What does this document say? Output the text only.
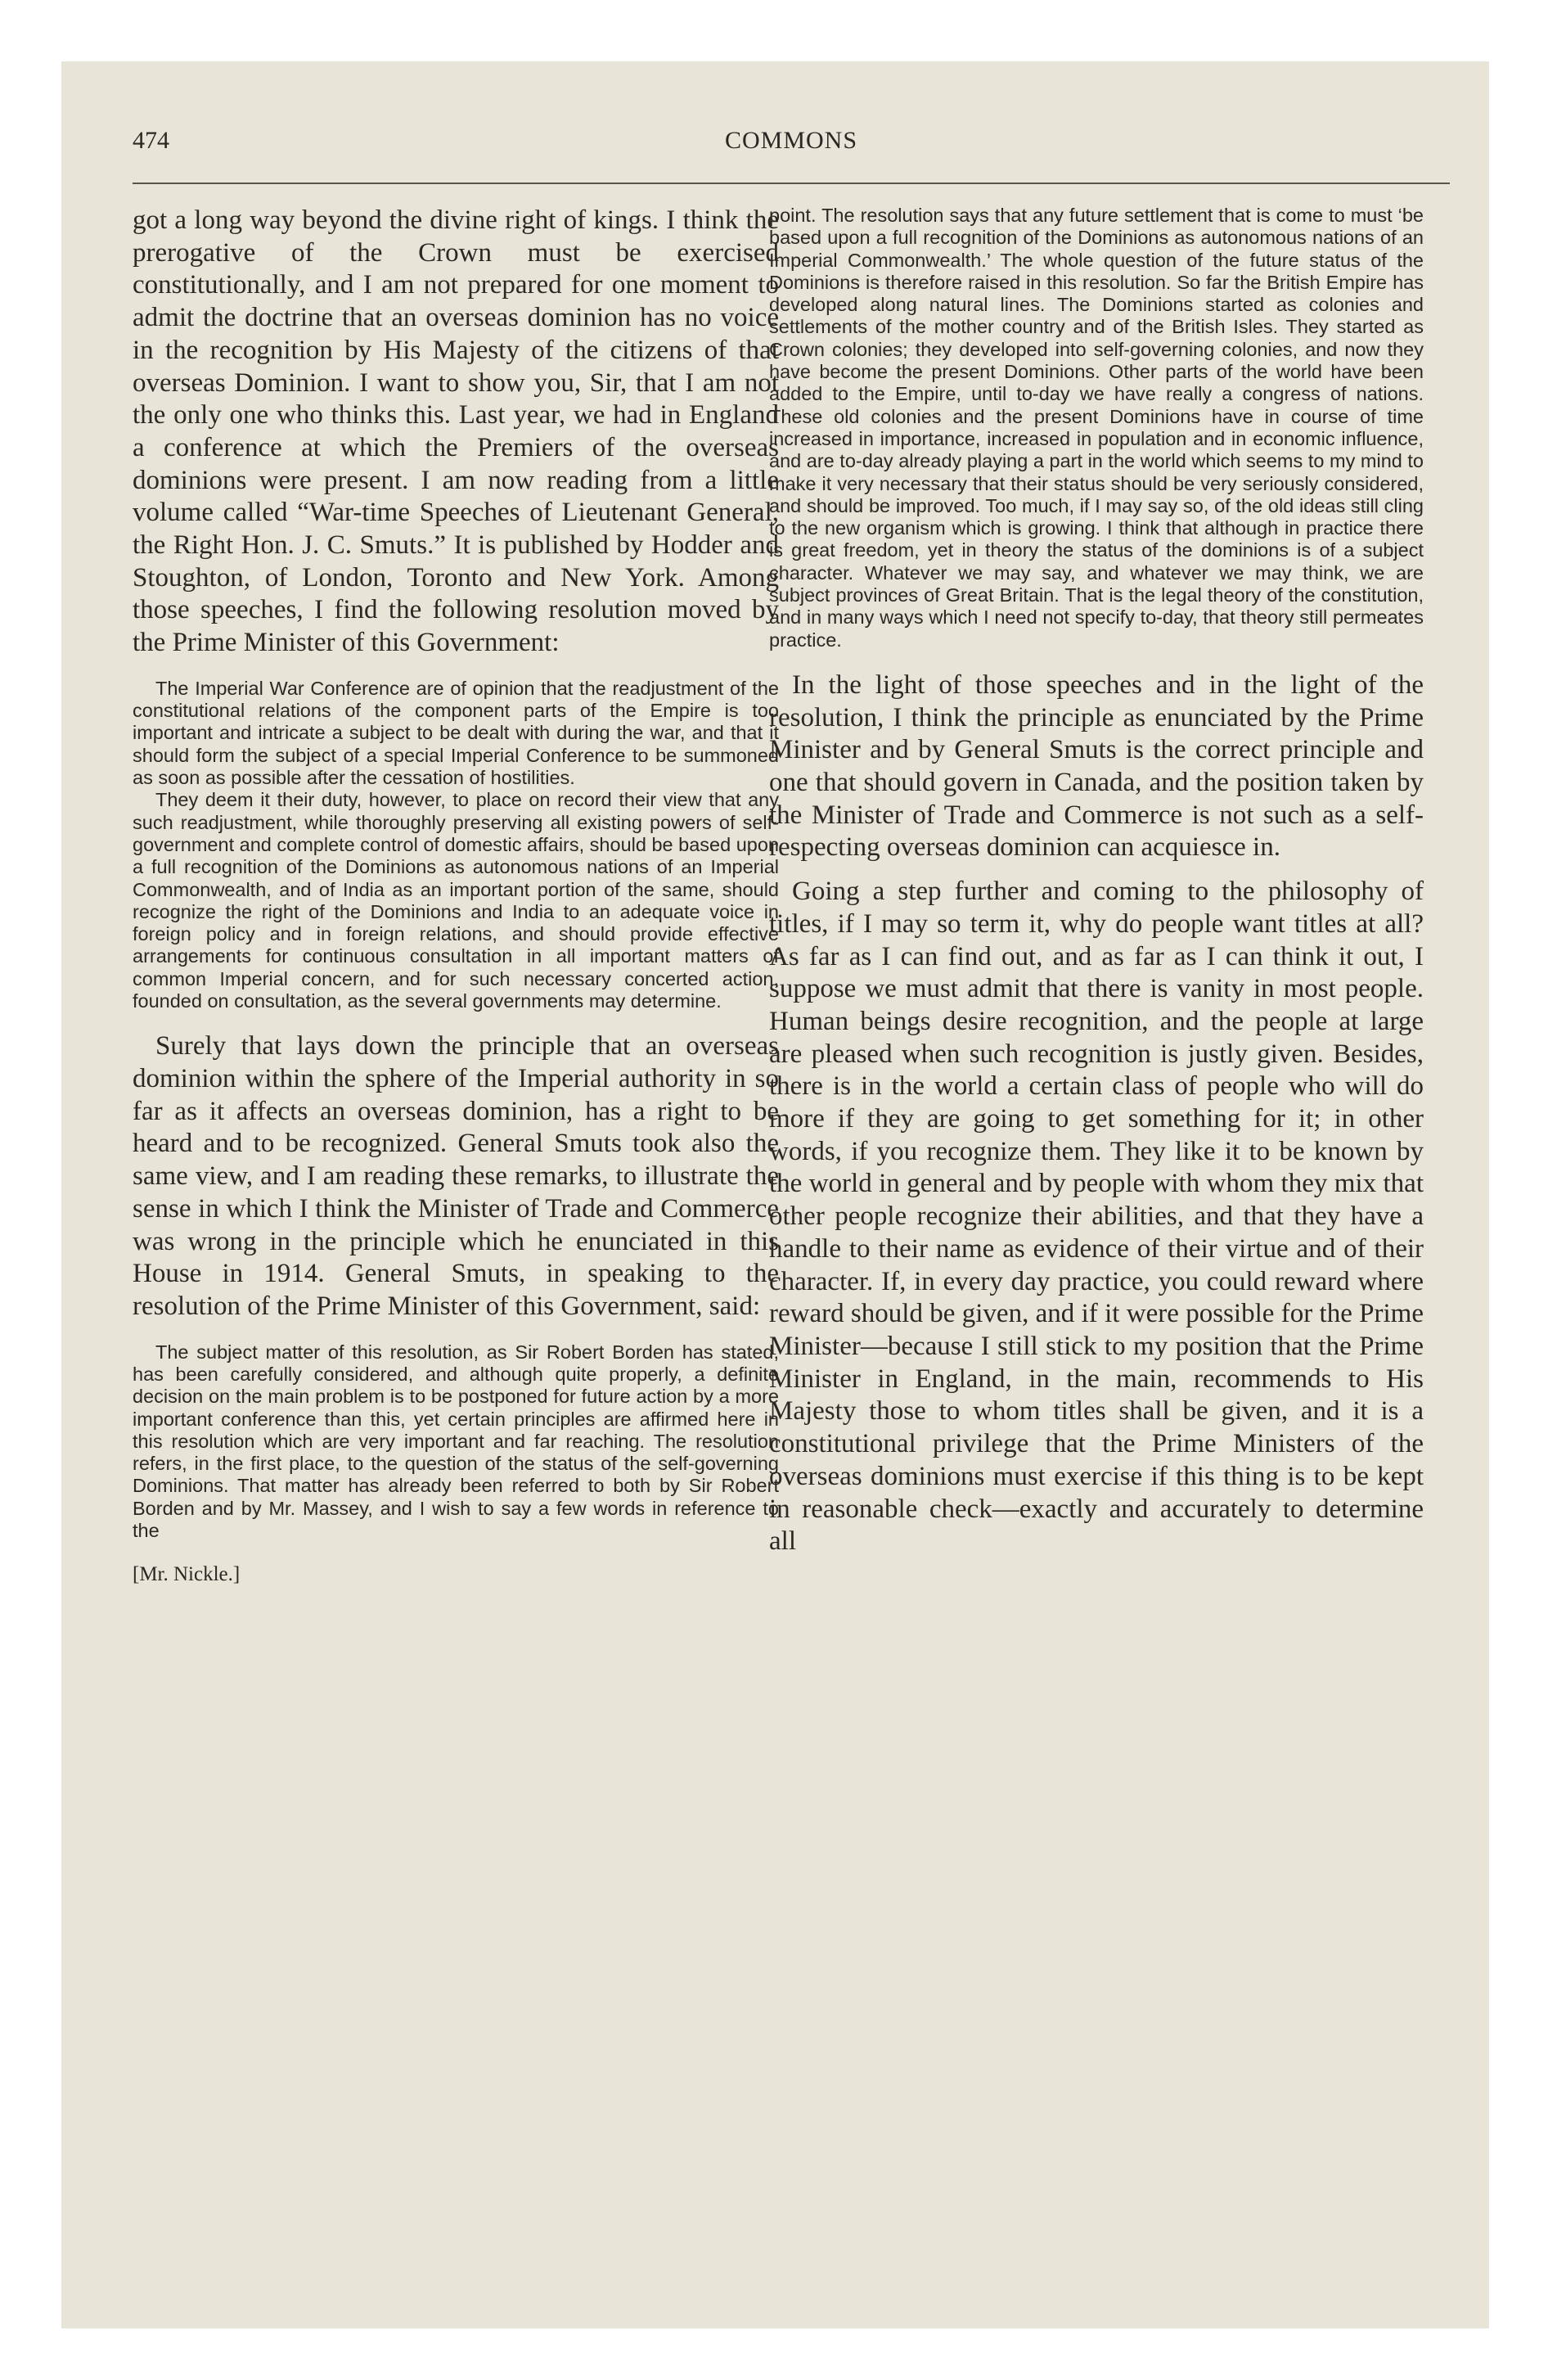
474	COMMONS

got a long way beyond the divine right of kings. I think the prerogative of the Crown must be exercised constitutionally, and I am not prepared for one moment to admit the doctrine that an overseas dominion has no voice in the recognition by His Majesty of the citizens of that overseas Dominion. I want to show you, Sir, that I am not the only one who thinks this. Last year, we had in England a conference at which the Premiers of the overseas dominions were present. I am now reading from a little volume called “War-time Speeches of Lieutenant General, the Right Hon. J. C. Smuts.” It is published by Hodder and Stoughton, of London, Toronto and New York. Among those speeches, I find the following resolution moved by the Prime Minister of this Government:

The Imperial War Conference are of opinion that the readjustment of the constitutional relations of the component parts of the Empire is too important and intricate a subject to be dealt with during the war, and that it should form the subject of a special Imperial Conference to be summoned as soon as possible after the cessation of hostilities.

They deem it their duty, however, to place on record their view that any such readjustment, while thoroughly preserving all existing powers of self-government and complete control of domestic affairs, should be based upon a full recognition of the Dominions as autonomous nations of an Imperial Commonwealth, and of India as an important portion of the same, should recognize the right of the Dominions and India to an adequate voice in foreign policy and in foreign relations, and should provide effective arrangements for continuous consultation in all important matters of common Imperial concern, and for such necessary concerted action, founded on consultation, as the several governments may determine.

Surely that lays down the principle that an overseas dominion within the sphere of the Imperial authority in so far as it affects an overseas dominion, has a right to be heard and to be recognized. General Smuts took also the same view, and I am reading these remarks, to illustrate the sense in which I think the Minister of Trade and Commerce was wrong in the principle which he enunciated in this House in 1914. General Smuts, in speaking to the resolution of the Prime Minister of this Government, said:

The subject matter of this resolution, as Sir Robert Borden has stated, has been carefully considered, and although quite properly, a definite decision on the main problem is to be postponed for future action by a more important conference than this, yet certain principles are affirmed here in this resolution which are very important and far reaching. The resolution refers, in the first place, to the question of the status of the self-governing Dominions. That matter has already been referred to both by Sir Robert Borden and by Mr. Massey, and I wish to say a few words in reference to the

[Mr. Nickle.]

point. The resolution says that any future settlement that is come to must ‘be based upon a full recognition of the Dominions as autonomous nations of an Imperial Commonwealth.’ The whole question of the future status of the Dominions is therefore raised in this resolution. So far the British Empire has developed along natural lines. The Dominions started as colonies and settlements of the mother country and of the British Isles. They started as Crown colonies; they developed into self-governing colonies, and now they have become the present Dominions. Other parts of the world have been added to the Empire, until to-day we have really a congress of nations. These old colonies and the present Dominions have in course of time increased in importance, increased in population and in economic influence, and are to-day already playing a part in the world which seems to my mind to make it very necessary that their status should be very seriously considered, and should be improved. Too much, if I may say so, of the old ideas still cling to the new organism which is growing. I think that although in practice there is great freedom, yet in theory the status of the dominions is of a subject character. Whatever we may say, and whatever we may think, we are subject provinces of Great Britain. That is the legal theory of the constitution, and in many ways which I need not specify to-day, that theory still permeates practice.

In the light of those speeches and in the light of the resolution, I think the principle as enunciated by the Prime Minister and by General Smuts is the correct principle and one that should govern in Canada, and the position taken by the Minister of Trade and Commerce is not such as a self-respecting overseas dominion can acquiesce in.

Going a step further and coming to the philosophy of titles, if I may so term it, why do people want titles at all? As far as I can find out, and as far as I can think it out, I suppose we must admit that there is vanity in most people. Human beings desire recognition, and the people at large are pleased when such recognition is justly given. Besides, there is in the world a certain class of people who will do more if they are going to get something for it; in other words, if you recognize them. They like it to be known by the world in general and by people with whom they mix that other people recognize their abilities, and that they have a handle to their name as evidence of their virtue and of their character. If, in every day practice, you could reward where reward should be given, and if it were possible for the Prime Minister—because I still stick to my position that the Prime Minister in England, in the main, recommends to His Majesty those to whom titles shall be given, and it is a constitutional privilege that the Prime Ministers of the overseas dominions must exercise if this thing is to be kept in reasonable check—exactly and accurately to determine all
